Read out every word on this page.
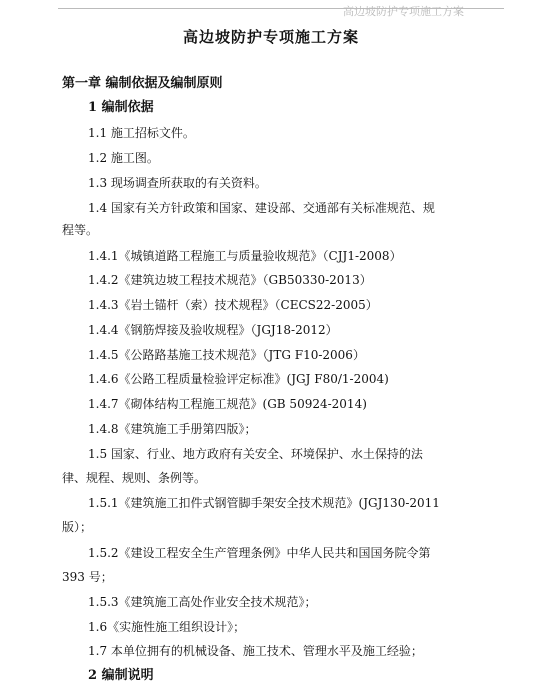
高边坡防护专项施工方案
高边坡防护专项施工方案
第一章 编制依据及编制原则
1 编制依据
1.1 施工招标文件。
1.2 施工图。
1.3 现场调查所获取的有关资料。
1.4 国家有关方针政策和国家、建设部、交通部有关标准规范、规
程等。
1.4.1《城镇道路工程施工与质量验收规范》（CJJ1-2008）
1.4.2《建筑边坡工程技术规范》（GB50330-2013）
1.4.3《岩土锚杆（索）技术规程》（CECS22-2005）
1.4.4《钢筋焊接及验收规程》（JGJ18-2012）
1.4.5《公路路基施工技术规范》（JTG F10-2006）
1.4.6《公路工程质量检验评定标准》(JGJ F80/1-2004)
1.4.7《砌体结构工程施工规范》(GB 50924-2014)
1.4.8《建筑施工手册第四版》；
1.5 国家、行业、地方政府有关安全、环境保护、水土保持的法
律、规程、规则、条例等。
1.5.1《建筑施工扣件式钢管脚手架安全技术规范》(JGJ130-2011
版）；
1.5.2《建设工程安全生产管理条例》中华人民共和国国务院令第
393 号；
1.5.3《建筑施工高处作业安全技术规范》；
1.6《实施性施工组织设计》；
1.7 本单位拥有的机械设备、施工技术、管理水平及施工经验；
2 编制说明
